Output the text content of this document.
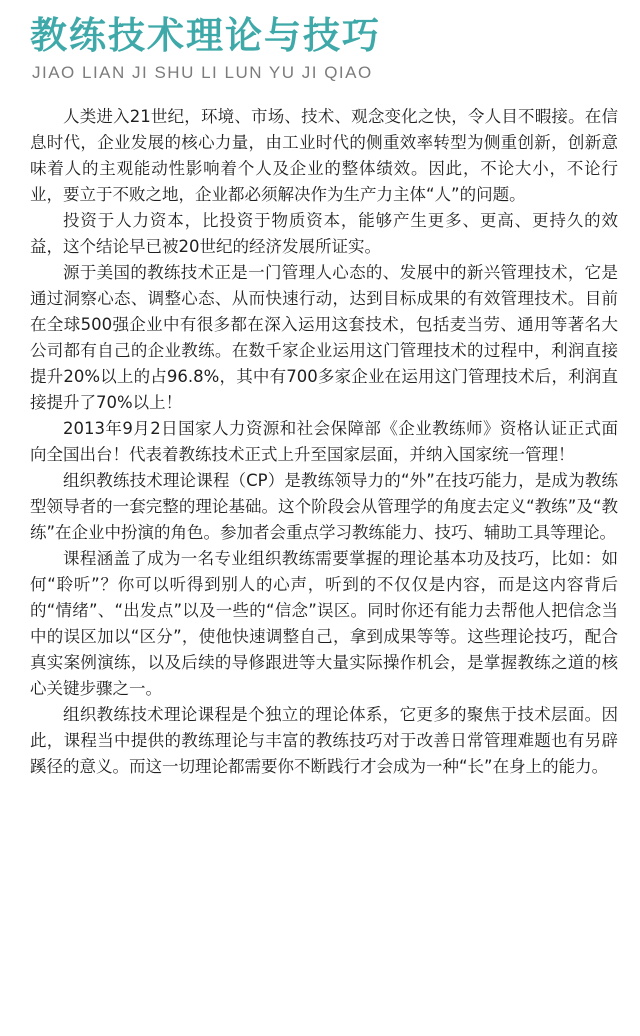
教练技术理论与技巧
JIAO LIAN JI SHU LI LUN YU JI QIAO

人类进入21世纪，环境、市场、技术、观念变化之快，令人目不暇接。在信息时代，企业发展的核心力量，由工业时代的侧重效率转型为侧重创新，创新意味着人的主观能动性影响着个人及企业的整体绩效。因此，不论大小，不论行业，要立于不败之地，企业都必须解决作为生产力主体“人”的问题。

投资于人力资本，比投资于物质资本，能够产生更多、更高、更持久的效益，这个结论早已被20世纪的经济发展所证实。

源于美国的教练技术正是一门管理人心态的、发展中的新兴管理技术，它是通过洞察心态、调整心态、从而快速行动，达到目标成果的有效管理技术。目前在全球500强企业中有很多都在深入运用这套技术，包括麦当劳、通用等著名大公司都有自己的企业教练。在数千家企业运用这门管理技术的过程中，利润直接提升20%以上的占96.8%，其中有700多家企业在运用这门管理技术后，利润直接提升了70%以上！

2013年9月2日国家人力资源和社会保障部《企业教练师》资格认证正式面向全国出台！代表着教练技术正式上升至国家层面，并纳入国家统一管理！

组织教练技术理论课程（CP）是教练领导力的“外”在技巧能力，是成为教练型领导者的一套完整的理论基础。这个阶段会从管理学的角度去定义“教练”及“教练”在企业中扮演的角色。参加者会重点学习教练能力、技巧、辅助工具等理论。

课程涵盖了成为一名专业组织教练需要掌握的理论基本功及技巧，比如：如何“聆听”？你可以听得到别人的心声，听到的不仅仅是内容，而是这内容背后的“情绪”、“出发点”以及一些的“信念”误区。同时你还有能力去帮他人把信念当中的误区加以“区分”，使他快速调整自己，拿到成果等等。这些理论技巧，配合真实案例演练，以及后续的导修跟进等大量实际操作机会，是掌握教练之道的核心关键步骤之一。

组织教练技术理论课程是个独立的理论体系，它更多的聚焦于技术层面。因此，课程当中提供的教练理论与丰富的教练技巧对于改善日常管理难题也有另辟蹊径的意义。而这一切理论都需要你不断践行才会成为一种“长”在身上的能力。
